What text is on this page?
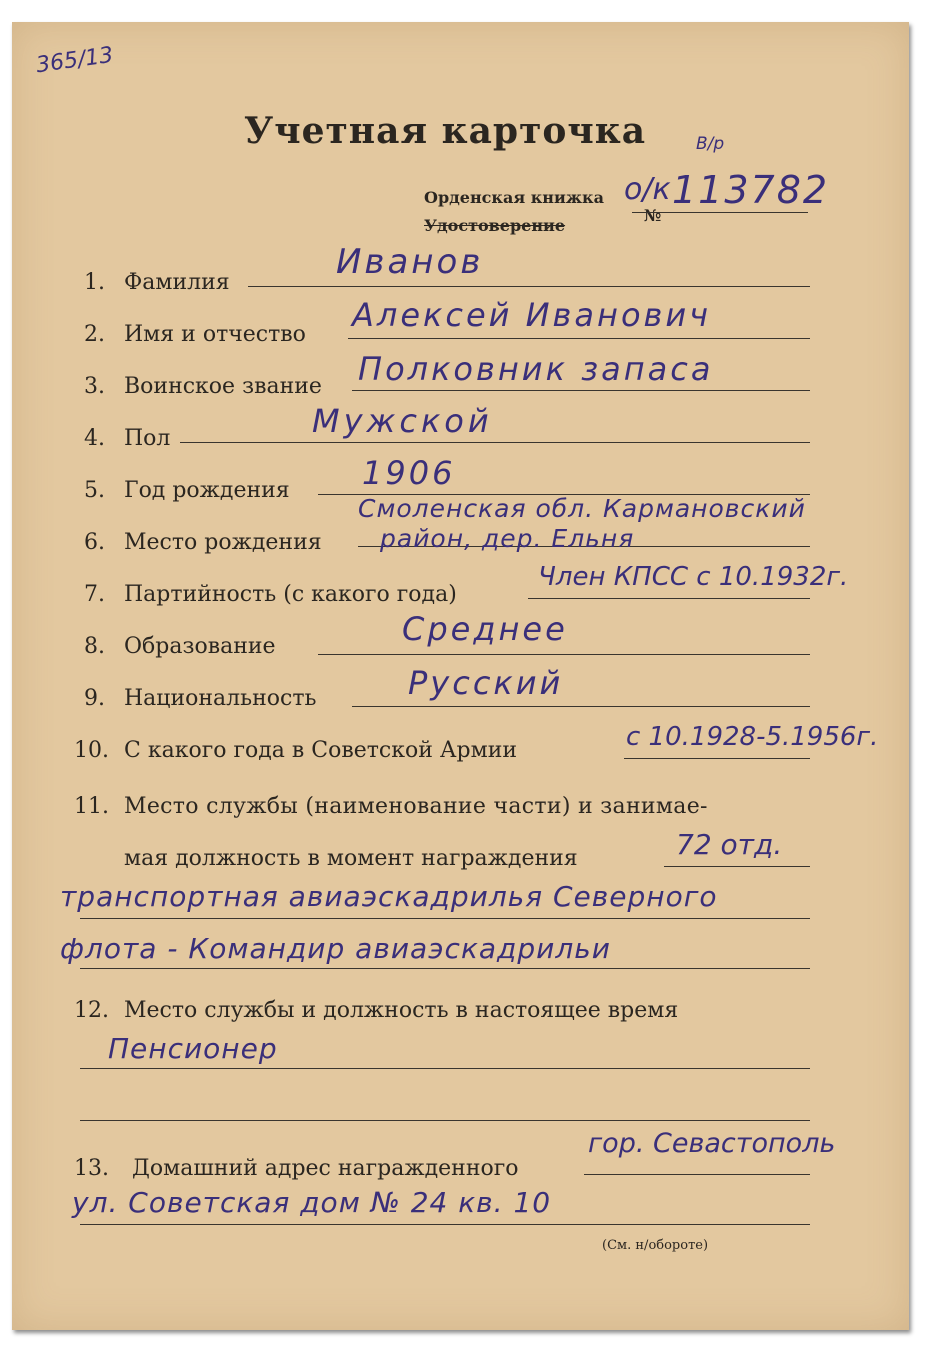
365/13
Учетная карточка	В/р
Орденская книжка о/к
№
113782
Удостоверение
1. Фамилия
Иванов
2. Имя и отчество
Алексей Иванович
3. Воинское звание Полковник запаса
4. Пол	Мужской
5. Год рождения 1906
6. Место рождения
Смоленская обл. Кармановский
район, дер. Ельня
7. Партийность (с какого года)
Член КПСС с 10.1932г.
8. Образование	Среднее
9. Национальность	Русский
10. С какого года в Советской Армии	с 10.1928-5.1956г.
11. Место службы (наименование части) и занимае-
мая должность в момент награждения	72 отд.
транспортная авиаэскадрилья Северного
флота - Командир авиаэскадрильи
12. Место службы и должность в настоящее время
Пенсионер
13. Домашний адрес награжденного
гор. Севастополь
ул. Советская дом № 24 кв. 10
(См. н/обороте)
